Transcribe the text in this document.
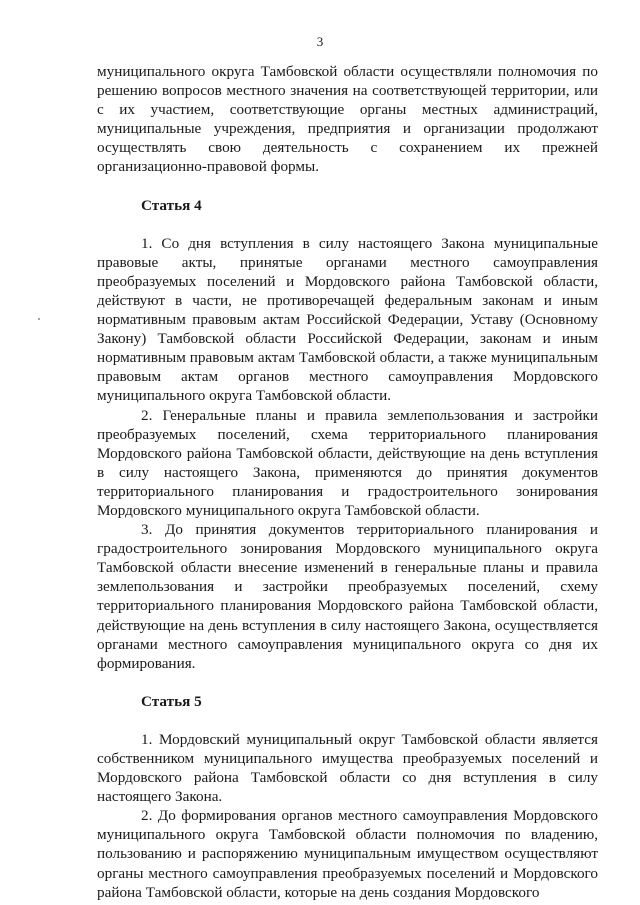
3

муниципального округа Тамбовской области осуществляли полномочия по решению вопросов местного значения на соответствующей территории, или с их участием, соответствующие органы местных администраций, муниципальные учреждения, предприятия и организации продолжают осуществлять свою деятельность с сохранением их прежней организационно-правовой формы.

Статья 4

1. Со дня вступления в силу настоящего Закона муниципальные правовые акты, принятые органами местного самоуправления преобразуемых поселений и Мордовского района Тамбовской области, действуют в части, не противоречащей федеральным законам и иным нормативным правовым актам Российской Федерации, Уставу (Основному Закону) Тамбовской области Российской Федерации, законам и иным нормативным правовым актам Тамбовской области, а также муниципальным правовым актам органов местного самоуправления Мордовского муниципального округа Тамбовской области.

2. Генеральные планы и правила землепользования и застройки преобразуемых поселений, схема территориального планирования Мордовского района Тамбовской области, действующие на день вступления в силу настоящего Закона, применяются до принятия документов территориального планирования и градостроительного зонирования Мордовского муниципального округа Тамбовской области.

3. До принятия документов территориального планирования и градостроительного зонирования Мордовского муниципального округа Тамбовской области внесение изменений в генеральные планы и правила землепользования и застройки преобразуемых поселений, схему территориального планирования Мордовского района Тамбовской области, действующие на день вступления в силу настоящего Закона, осуществляется органами местного самоуправления муниципального округа со дня их формирования.

Статья 5

1. Мордовский муниципальный округ Тамбовской области является собственником муниципального имущества преобразуемых поселений и Мордовского района Тамбовской области со дня вступления в силу настоящего Закона.

2. До формирования органов местного самоуправления Мордовского муниципального округа Тамбовской области полномочия по владению, пользованию и распоряжению муниципальным имуществом осуществляют органы местного самоуправления преобразуемых поселений и Мордовского района Тамбовской области, которые на день создания Мордовского
